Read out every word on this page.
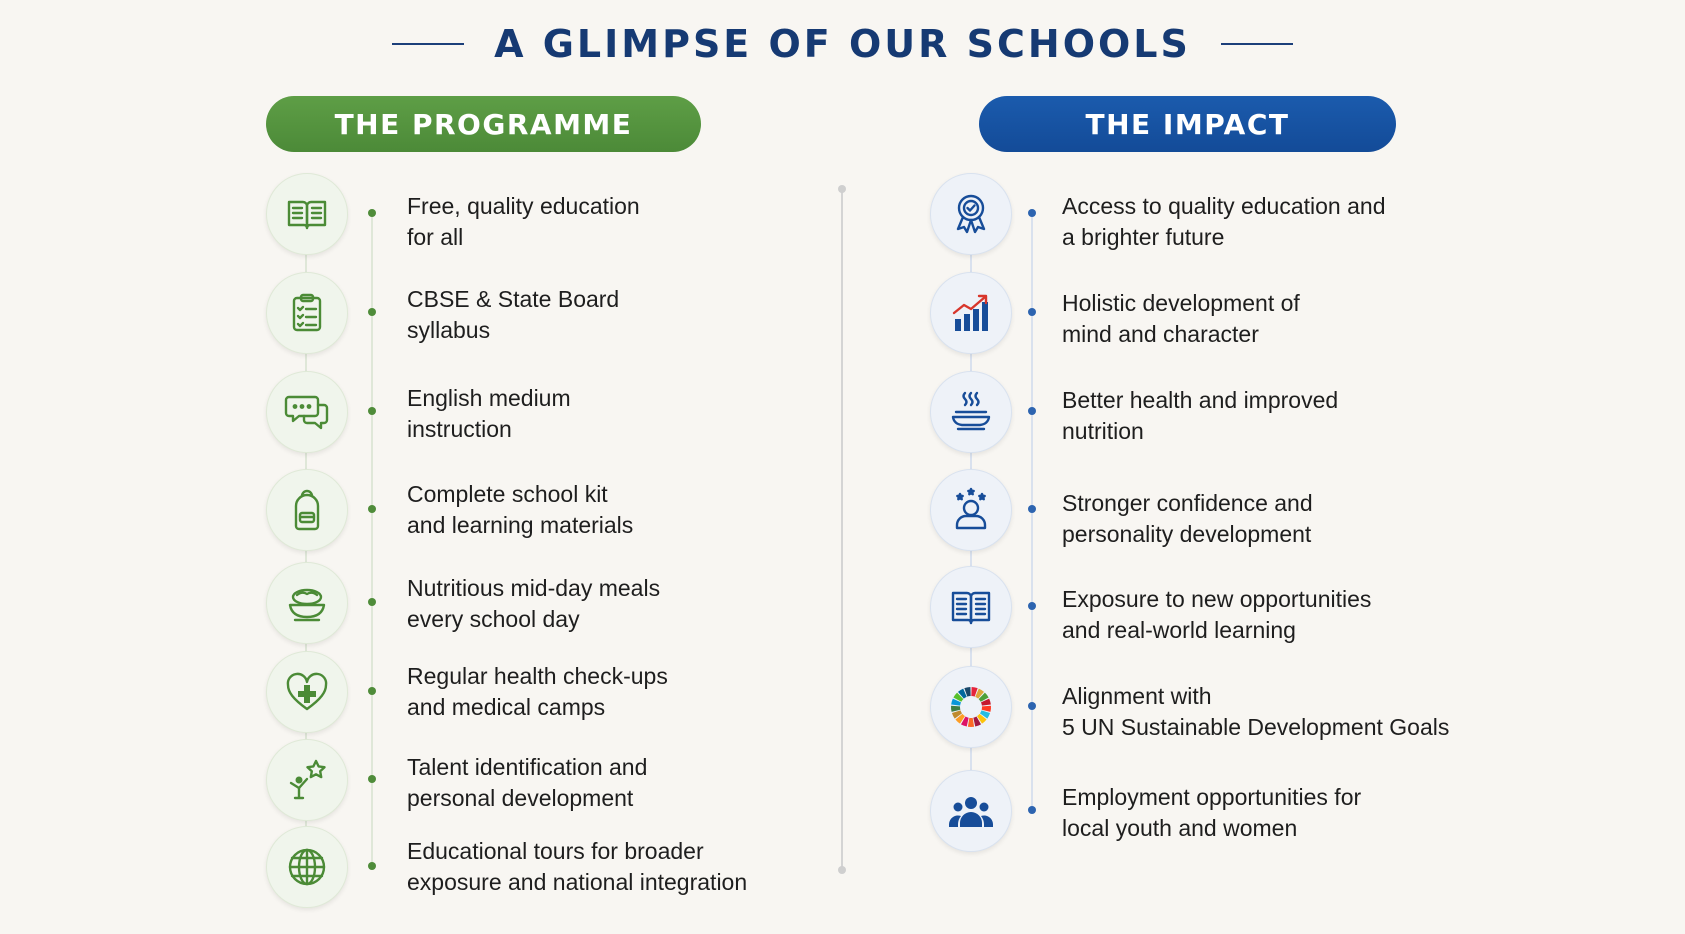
A GLIMPSE OF OUR SCHOOLS
THE PROGRAMME	THE IMPACT
Free, quality education
for all
CBSE & State Board
syllabus
English medium
instruction
Complete school kit
and learning materials
Nutritious mid-day meals
every school day
Regular health check-ups
and medical camps
Talent identification and
personal development
Educational tours for broader
exposure and national integration
Access to quality education and
a brighter future
Holistic development of
mind and character
Better health and improved
nutrition
Stronger confidence and
personality development
Exposure to new opportunities
and real-world learning
Alignment with
5 UN Sustainable Development Goals
Employment opportunities for
local youth and women
